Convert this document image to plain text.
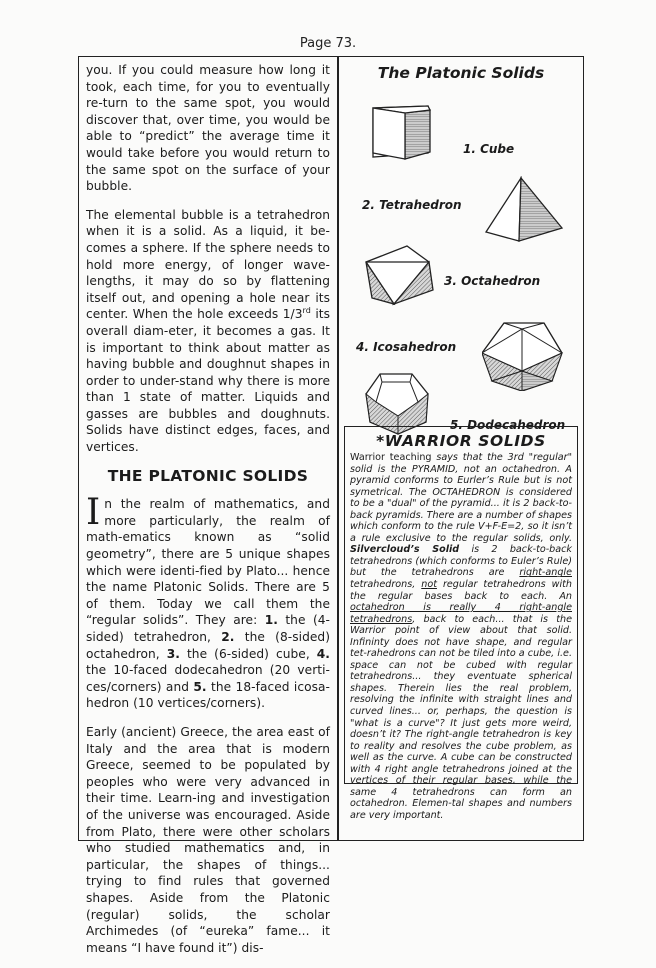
Page 73.

you. If you could measure how long it took, each time, for you to eventually re-turn to the same spot, you would discover that, over time, you would be able to “predict” the average time it would take before you would return to the same spot on the surface of your bubble.

The elemental bubble is a tetrahedron when it is a solid. As a liquid, it be-comes a sphere. If the sphere needs to hold more energy, of longer wave-lengths, it may do so by flattening itself out, and opening a hole near its center. When the hole exceeds 1/3rd its overall diam-eter, it becomes a gas. It is important to think about matter as having bubble and doughnut shapes in order to under-stand why there is more than 1 state of matter. Liquids and gasses are bubbles and doughnuts. Solids have distinct edges, faces, and vertices.

THE PLATONIC SOLIDS

In the realm of mathematics, and more particularly, the realm of math-ematics known as “solid geometry”, there are 5 unique shapes which were identi-fied by Plato... hence the name Platonic Solids. There are 5 of them. Today we call them the “regular solids”. They are: 1. the (4-sided) tetrahedron, 2. the (8-sided) octahedron, 3. the (6-sided) cube, 4. the 10-faced dodecahedron (20 verti-ces/corners) and 5. the 18-faced icosa-hedron (10 vertices/corners).

Early (ancient) Greece, the area east of Italy and the area that is modern Greece, seemed to be populated by peoples who were very advanced in their time. Learn-ing and investigation of the universe was encouraged. Aside from Plato, there were other scholars who studied mathematics and, in particular, the shapes of things... trying to find rules that governed shapes. Aside from the Platonic (regular) solids, the scholar Archimedes (of “eureka” fame... it means “I have found it”) dis-

The Platonic Solids
1. Cube
2. Tetrahedron
3. Octahedron
4. Icosahedron
5. Dodecahedron
*WARRIOR SOLIDS
Warrior teaching says that the 3rd "regular" solid is the PYRAMID, not an octahedron. A pyramid conforms to Eurler’s Rule but is not symetrical. The OCTAHEDRON is considered to be a "dual" of the pyramid... it is 2 back-to-back pyramids. There are a number of shapes which conform to the rule V+F-E=2, so it isn’t a rule exclusive to the regular solids, only. Silvercloud’s Solid is 2 back-to-back tetrahedrons (which conforms to Euler’s Rule) but the tetrahedrons are right-angle tetrahedrons, not regular tetrahedrons with the regular bases back to each. An octahedron is really 4 right-angle tetrahedrons, back to each... that is the Warrior point of view about that solid. Infininty does not have shape, and regular tet-rahedrons can not be tiled into a cube, i.e. space can not be cubed with regular tetrahedrons... they eventuate spherical shapes. Therein lies the real problem, resolving the infinite with straight lines and curved lines... or, perhaps, the question is "what is a curve"? It just gets more weird, doesn’t it? The right-angle tetrahedron is key to reality and resolves the cube problem, as well as the curve. A cube can be constructed with 4 right angle tetrahedrons joined at the vertices of their regular bases, while the same 4 tetrahedrons can form an octahedron. Elemen-tal shapes and numbers are very important.
